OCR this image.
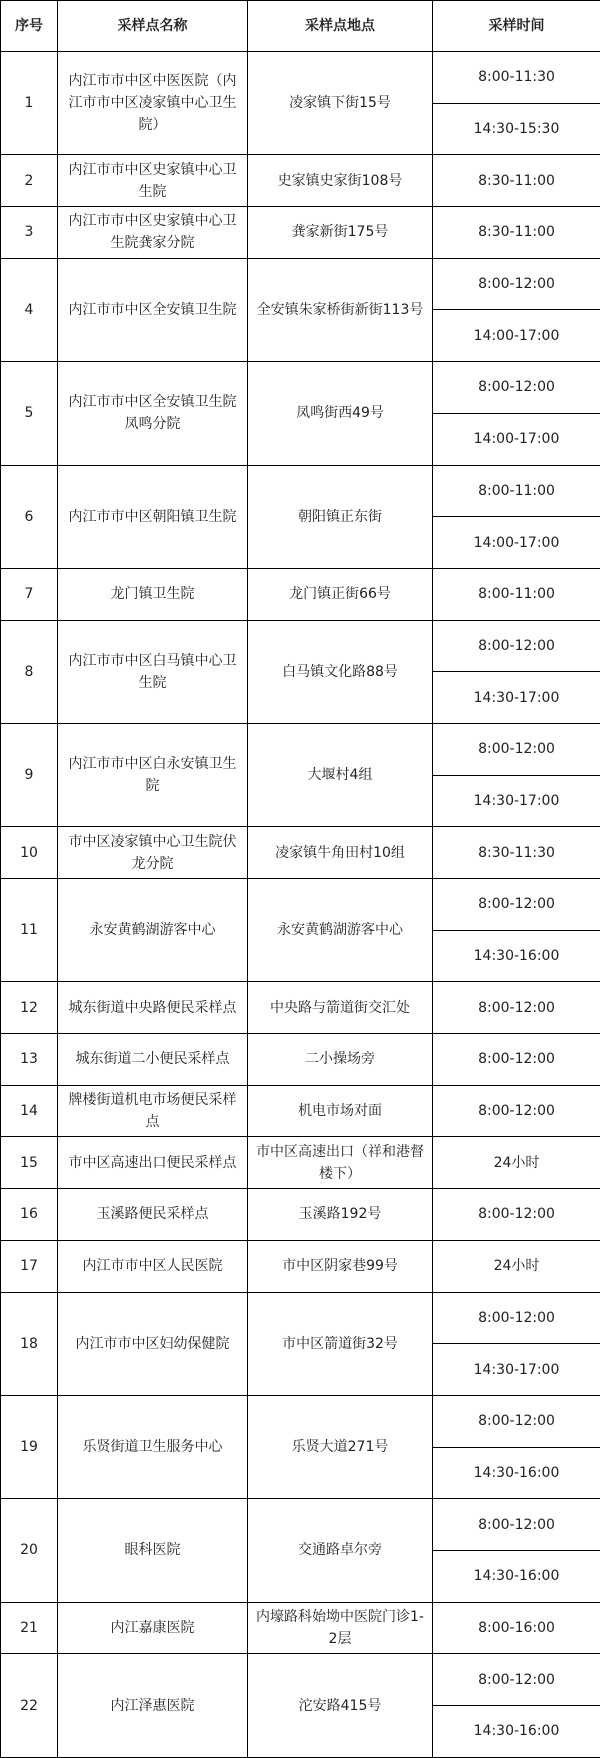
序号	采样点名称	采样点地点	采样时间
1	内江市市中区中医医院（内江市市中区凌家镇中心卫生院）	凌家镇下街15号	8:00-11:30
			14:30-15:30
2	内江市市中区史家镇中心卫生院	史家镇史家街108号	8:30-11:00
3	内江市市中区史家镇中心卫生院龚家分院	龚家新街175号	8:30-11:00
4	内江市市中区全安镇卫生院	全安镇朱家桥街新街113号	8:00-12:00
			14:00-17:00
5	内江市市中区全安镇卫生院凤鸣分院	凤鸣街西49号	8:00-12:00
			14:00-17:00
6	内江市市中区朝阳镇卫生院	朝阳镇正东街	8:00-11:00
			14:00-17:00
7	龙门镇卫生院	龙门镇正街66号	8:00-11:00
8	内江市市中区白马镇中心卫生院	白马镇文化路88号	8:00-12:00
			14:30-17:00
9	内江市市中区白永安镇卫生院	大堰村4组	8:00-12:00
			14:30-17:00
10	市中区凌家镇中心卫生院伏龙分院	凌家镇牛角田村10组	8:30-11:30
11	永安黄鹤湖游客中心	永安黄鹤湖游客中心	8:00-12:00
			14:30-16:00
12	城东街道中央路便民采样点	中央路与箭道街交汇处	8:00-12:00
13	城东街道二小便民采样点	二小操场旁	8:00-12:00
14	牌楼街道机电市场便民采样点	机电市场对面	8:00-12:00
15	市中区高速出口便民采样点	市中区高速出口（祥和港督楼下）	24小时
16	玉溪路便民采样点	玉溪路192号	8:00-12:00
17	内江市市中区人民医院	市中区阴家巷99号	24小时
18	内江市市中区妇幼保健院	市中区箭道街32号	8:00-12:00
			14:30-17:00
19	乐贤街道卫生服务中心	乐贤大道271号	8:00-12:00
			14:30-16:00
20	眼科医院	交通路卓尔旁	8:00-12:00
			14:30-16:00
21	内江嘉康医院	内壕路科始坳中医院门诊1-2层	8:00-16:00
22	内江泽惠医院	沱安路415号	8:00-12:00
			14:30-16:00
